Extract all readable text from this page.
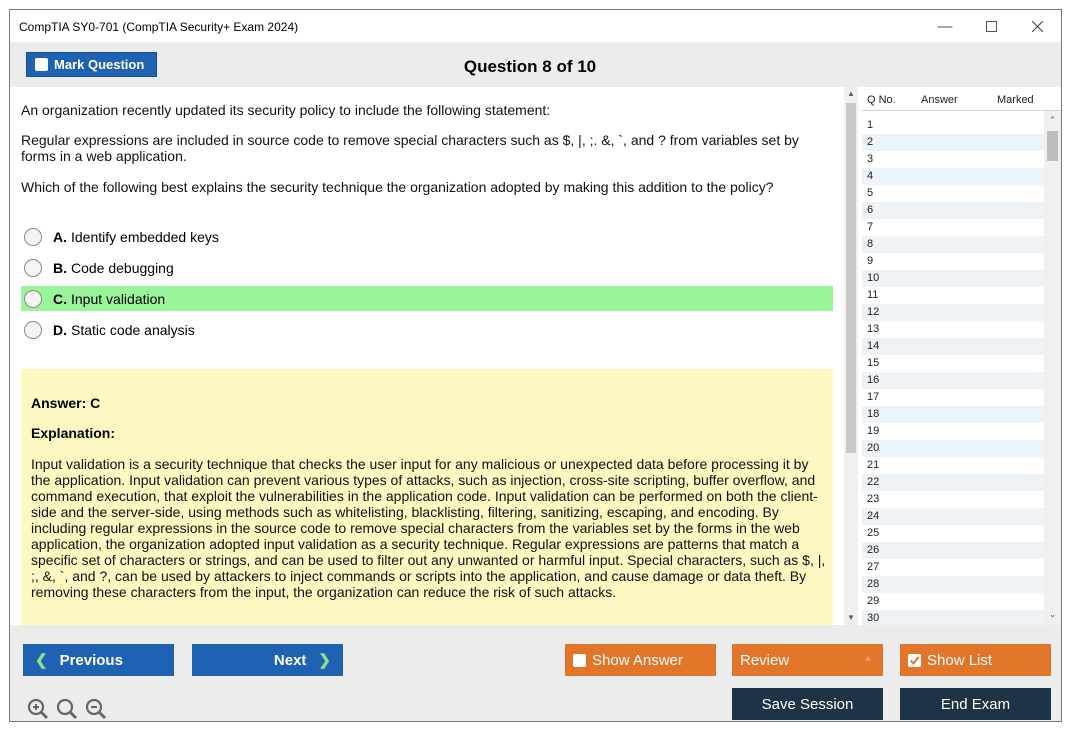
CompTIA SY0-701 (CompTIA Security+ Exam 2024)	—
Mark Question	Question 8 of 10
An organization recently updated its security policy to include the following statement:
Regular expressions are included in source code to remove special characters such as $, |, ;. &, `, and ? from variables set by forms in a web application.
Which of the following best explains the security technique the organization adopted by making this addition to the policy?
A. Identify embedded keys
B. Code debugging
C. Input validation
D. Static code analysis
Answer: C
Explanation:
Input validation is a security technique that checks the user input for any malicious or unexpected data before processing it by the application. Input validation can prevent various types of attacks, such as injection, cross-site scripting, buffer overflow, and command execution, that exploit the vulnerabilities in the application code. Input validation can be performed on both the client-side and the server-side, using methods such as whitelisting, blacklisting, filtering, sanitizing, escaping, and encoding. By including regular expressions in the source code to remove special characters from the variables set by the forms in the web application, the organization adopted input validation as a security technique. Regular expressions are patterns that match a specific set of characters or strings, and can be used to filter out any unwanted or harmful input. Special characters, such as $, |, ;, &, `, and ?, can be used by attackers to inject commands or scripts into the application, and cause damage or data theft. By removing these characters from the input, the organization can reduce the risk of such attacks.
▲
▼
Q No. Answer	Marked
1
2
3
4
5
6
7
8
9
10
11
12
13
14
15
16
17
18
19
20
21
22
23
24
25
26
27
28
29
30
⌃
⌄
❮ Previous	Next ❯	Show Answer	Review	▲	Show List
Save Session	End Exam
